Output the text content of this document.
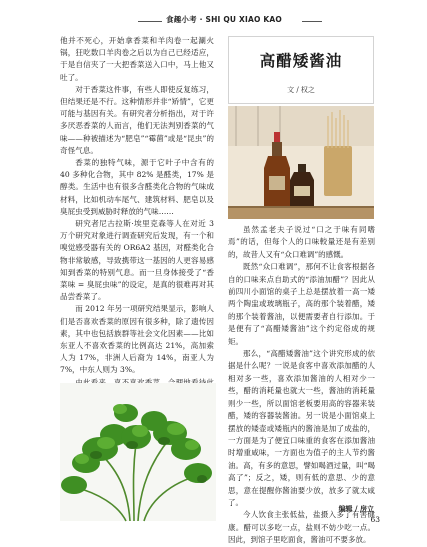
食趣小考 · SHI QU XIAO KAO

他并不死心，开始拿香菜和羊肉卷一起涮火锅，狂吃数口羊肉卷之后以为自己已经适应，于是自信夹了一大把香菜送入口中，马上他又吐了。

对于香菜这件事，有些人即使反复练习，但结果还是不行。这种情形并非“矫情”，它更可能与基因有关。有研究者分析指出，对于许多厌恶香菜的人而言，他们无法判别香菜的气味——种被描述为“肥皂”“霉菌”或是“昆虫”的奇怪气息。

香菜的独特气味，源于它叶子中含有的 40 多种化合物，其中 82% 是醛类，17% 是醇类。生活中也有很多含醛类化合物的气味成材料，比如机动车尾气、建筑材料、肥皂以及臭屁虫受到威胁时释放的气味……

研究者尼古拉斯·埃里克森等人在对近 3 万个研究对象进行调查研究后发现，有一个和嗅觉感受器有关的 OR6A2 基因，对醛类化合物非常敏感，导致携带这一基因的人更容易感知到香菜的特别气息。而一旦身体接受了“香菜味 = 臭屁虫味”的设定，是真的很难再对其品尝香菜了。

而 2012 年另一项研究结果显示，影响人们是否喜欢香菜的原因有很多种，除了遗传因素，其中也包括族群等社会文化因素——比如东亚人不喜欢香菜的比例高达 21%，高加索人为 17%，非洲人后裔为 14%，南亚人为 7%，中东人则为 3%。

高醋矮酱油
文 / 权之

虽然孟老夫子说过“口之于味有同嗜焉”的话，但每个人的口味較量还是有差别的，故昔人又有“众口难调”的感慨。

既然“众口难调”，那何不让食客根据各自的口味来点自助式的“添油加醋”？因此从前四川小面馆的桌子上总是摆放着一高一矮两个陶盅或玻璃瓶子，高的那个装着醋，矮的那个装着酱油，以便需要者自行添加。于是便有了“高醋矮酱油”这个约定俗成的规矩。

那么，“高醋矮酱油”这个讲究形成的依据是什么呢？一说是食客中喜欢添加醋的人相对多一些，喜欢添加酱油的人相对少一些，醋的消耗量也就大一些，酱油的消耗量则少一些，所以面馆老板要用高的容器来装醋，矮的容器装酱油。另一说是小面馆桌上摆放的矮壶或矮瓶内的酱油是加了成盐的，一方面是为了便宜口味重的食客在添加酱油时增重咸味，一方面也为值子的主人节约酱油。高，有多的意思，譬如喝酒过量，叫“喝高了”；反之，矮，则有低的意思、少的意思，意在提醒你酱油要少放，放多了就太咸了。

今人饮食主张低盐，盐摄入多了有害健康。醋可以多吃一点，盐则不妨少吃一点。因此，到馆子里吃面食，酱油可不要多放。

编辑 / 房立
63
